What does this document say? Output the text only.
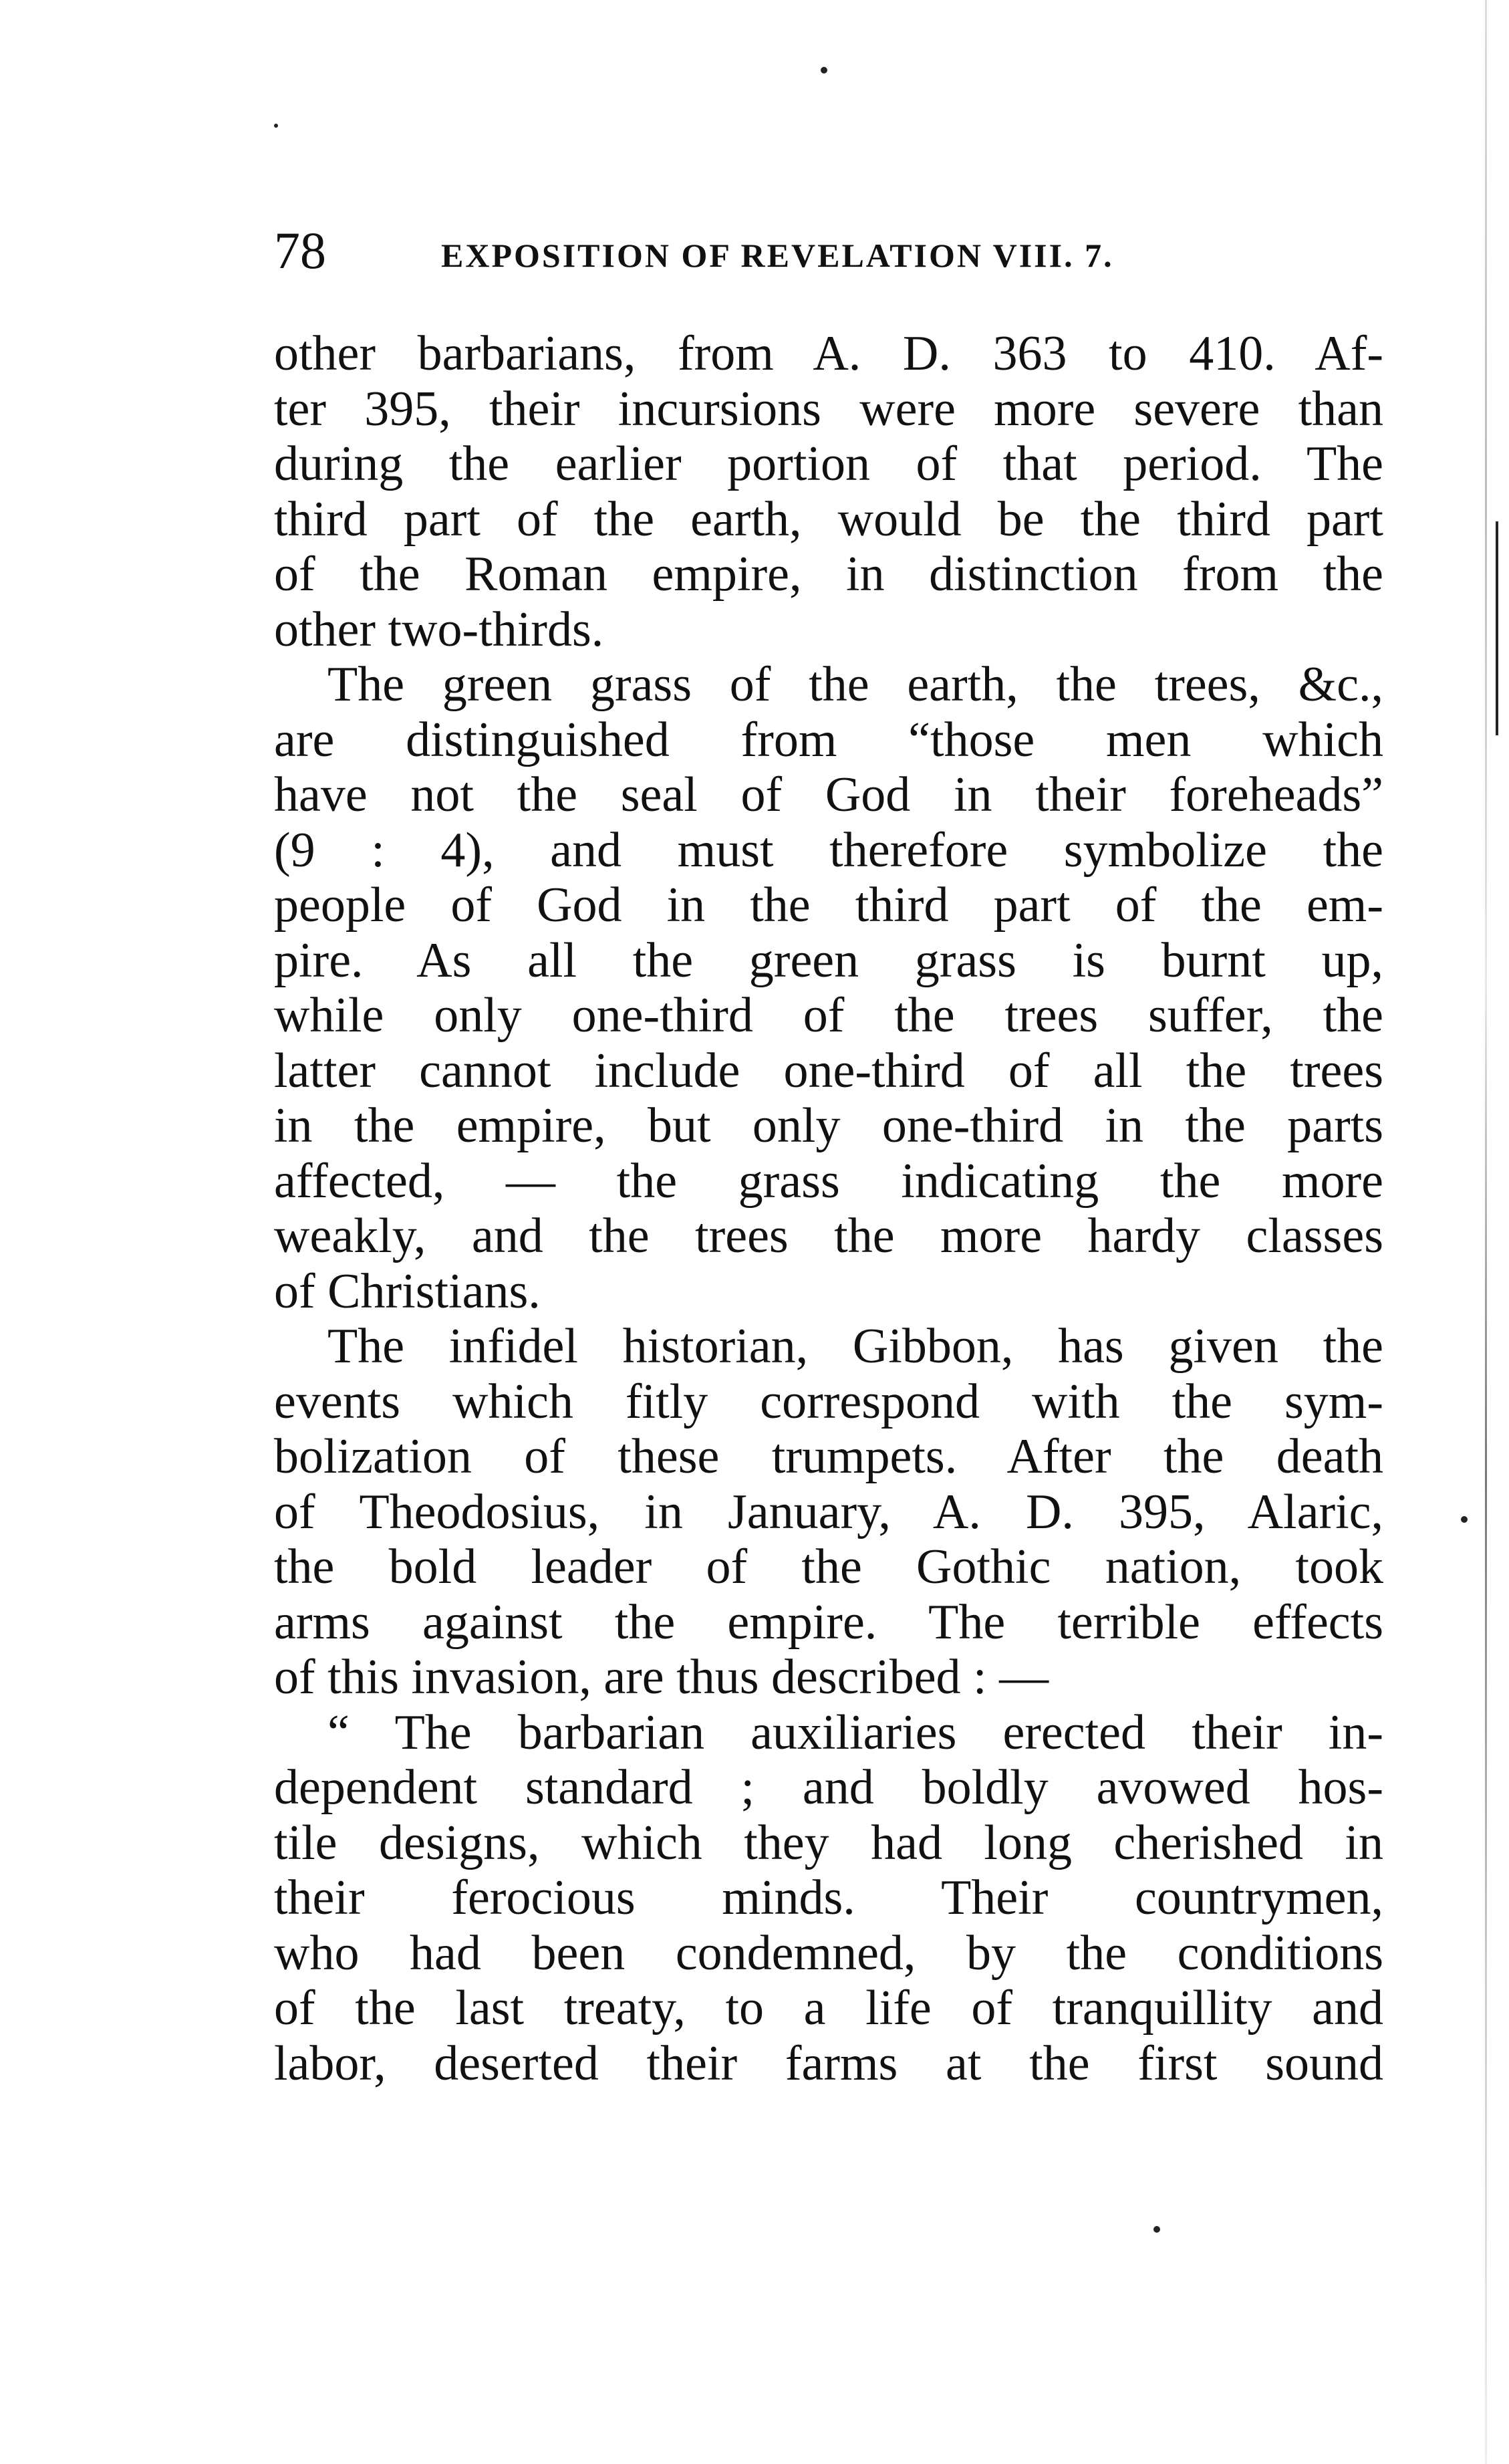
78	EXPOSITION OF REVELATION VIII. 7.
other barbarians, from A. D. 363 to 410. Af-
ter 395, their incursions were more severe than
during the earlier portion of that period. The
third part of the earth, would be the third part
of the Roman empire, in distinction from the
other two-thirds.
The green grass of the earth, the trees, &c.,
are distinguished from “those men which
have not the seal of God in their foreheads”
(9 : 4), and must therefore symbolize the
people of God in the third part of the em-
pire. As all the green grass is burnt up,
while only one-third of the trees suffer, the
latter cannot include one-third of all the trees
in the empire, but only one-third in the parts
affected, — the grass indicating the more
weakly, and the trees the more hardy classes
of Christians.
The infidel historian, Gibbon, has given the
events which fitly correspond with the sym-
bolization of these trumpets. After the death
of Theodosius, in January, A. D. 395, Alaric,
the bold leader of the Gothic nation, took
arms against the empire. The terrible effects
of this invasion, are thus described : —
“ The barbarian auxiliaries erected their in-
dependent standard ; and boldly avowed hos-
tile designs, which they had long cherished in
their ferocious minds. Their countrymen,
who had been condemned, by the conditions
of the last treaty, to a life of tranquillity and
labor, deserted their farms at the first sound
